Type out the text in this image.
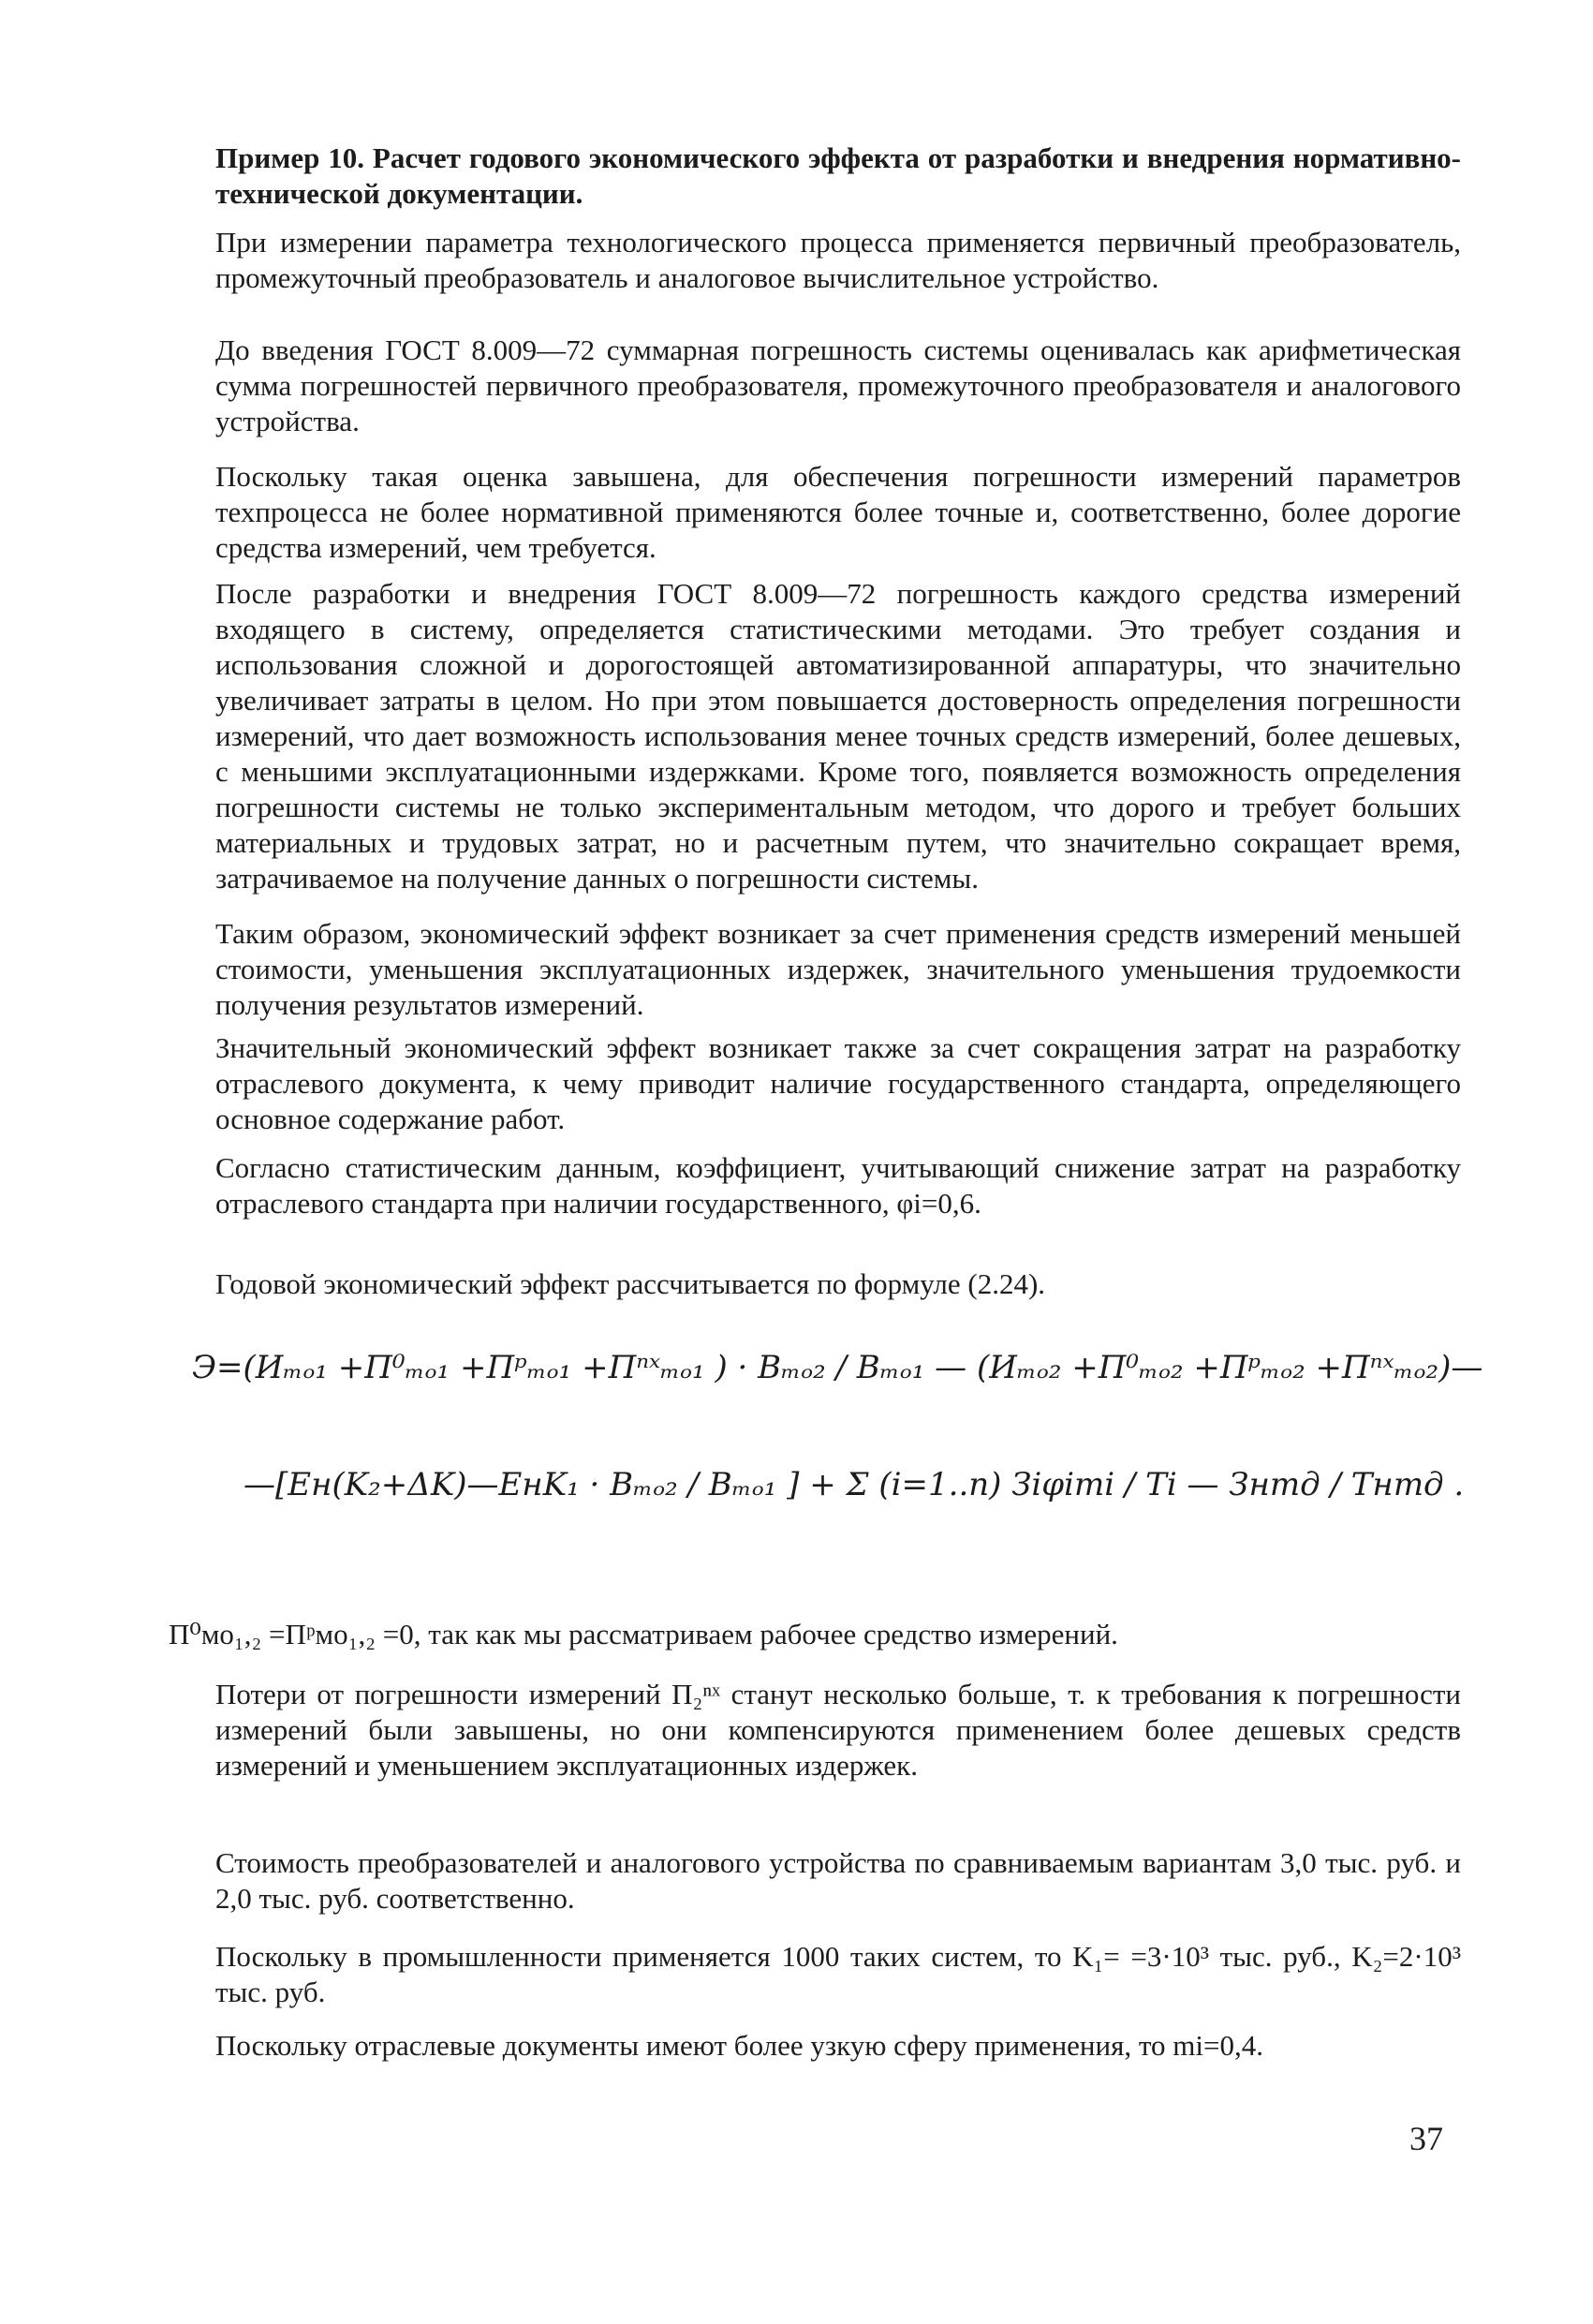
Пример 10. Расчет годового экономического эффекта от разработки и внедрения нормативно-технической документации.

При измерении параметра технологического процесса применяется первичный преобразователь, промежуточный преобразователь и аналоговое вычислительное устройство.

До введения ГОСТ 8.009—72 суммарная погрешность системы оценивалась как арифметическая сумма погрешностей первичного преобразователя, промежуточного преобразователя и аналогового устройства.

Поскольку такая оценка завышена, для обеспечения погрешности измерений параметров техпроцесса не более нормативной применяются более точные и, соответственно, более дорогие средства измерений, чем требуется.

После разработки и внедрения ГОСТ 8.009—72 погрешность каждого средства измерений входящего в систему, определяется статистическими методами. Это требует создания и использования сложной и дорогостоящей автоматизированной аппаратуры, что значительно увеличивает затраты в целом. Но при этом повышается достоверность определения погрешности измерений, что дает возможность использования менее точных средств измерений, более дешевых, с меньшими эксплуатационными издержками. Кроме того, появляется возможность определения погрешности системы не только экспериментальным методом, что дорого и требует больших материальных и трудовых затрат, но и расчетным путем, что значительно сокращает время, затрачиваемое на получение данных о погрешности системы.

Таким образом, экономический эффект возникает за счет применения средств измерений меньшей стоимости, уменьшения эксплуатационных издержек, значительного уменьшения трудоемкости получения результатов измерений.

Значительный экономический эффект возникает также за счет сокращения затрат на разработку отраслевого документа, к чему приводит наличие государственного стандарта, определяющего основное содержание работ.

Согласно статистическим данным, коэффициент, учитывающий снижение затрат на разработку отраслевого стандарта при наличии государственного, φi=0,6.

Годовой экономический эффект рассчитывается по формуле (2.24).

Э=(Иₘₒ₁ +П⁰ₘₒ₁ +Пᵖₘₒ₁ +Пⁿˣₘₒ₁ ) · Bₘₒ₂ / Bₘₒ₁ — (Иₘₒ₂ +П⁰ₘₒ₂ +Пᵖₘₒ₂ +Пⁿˣₘₒ₂)—
—[Eн(K₂+ΔK)—EнK₁ · Bₘₒ₂ / Bₘₒ₁ ] + Σ (i=1..n) Зiφimi / Ti — Знтд / Тнтд .
П⁰мо₁,₂ =Пᵖмо₁,₂ =0, так как мы рассматриваем рабочее средство измерений.

Потери от погрешности измерений П₂ⁿˣ станут несколько больше, т. к требования к погрешности измерений были завышены, но они компенсируются применением более дешевых средств измерений и уменьшением эксплуатационных издержек.

Стоимость преобразователей и аналогового устройства по сравниваемым вариантам 3,0 тыс. руб. и 2,0 тыс. руб. соответственно.

Поскольку в промышленности применяется 1000 таких систем, то K₁= =3·10³ тыс. руб., K₂=2·10³ тыс. руб.

Поскольку отраслевые документы имеют более узкую сферу применения, то mi=0,4.

37
